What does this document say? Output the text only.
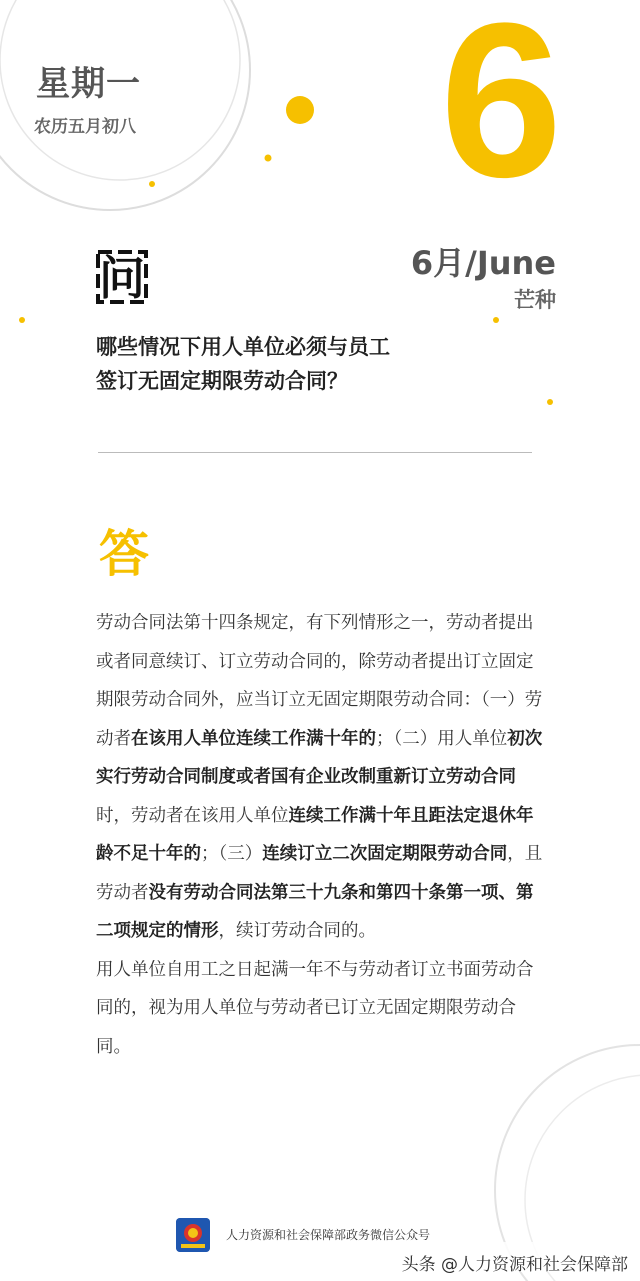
星期一
农历五月初八 6
6月/June
芒种
问
哪些情况下用人单位必须与员工
签订无固定期限劳动合同？
答

劳动合同法第十四条规定，有下列情形之一，劳动者提出或者同意续订、订立劳动合同的，除劳动者提出订立固定期限劳动合同外，应当订立无固定期限劳动合同：（一）劳动者在该用人单位连续工作满十年的；（二）用人单位初次实行劳动合同制度或者国有企业改制重新订立劳动合同时，劳动者在该用人单位连续工作满十年且距法定退休年龄不足十年的；（三）连续订立二次固定期限劳动合同，且劳动者没有劳动合同法第三十九条和第四十条第一项、第二项规定的情形，续订劳动合同的。

用人单位自用工之日起满一年不与劳动者订立书面劳动合同的，视为用人单位与劳动者已订立无固定期限劳动合同。

人力资源和社会保障部政务微信公众号
头条 @人力资源和社会保障部
